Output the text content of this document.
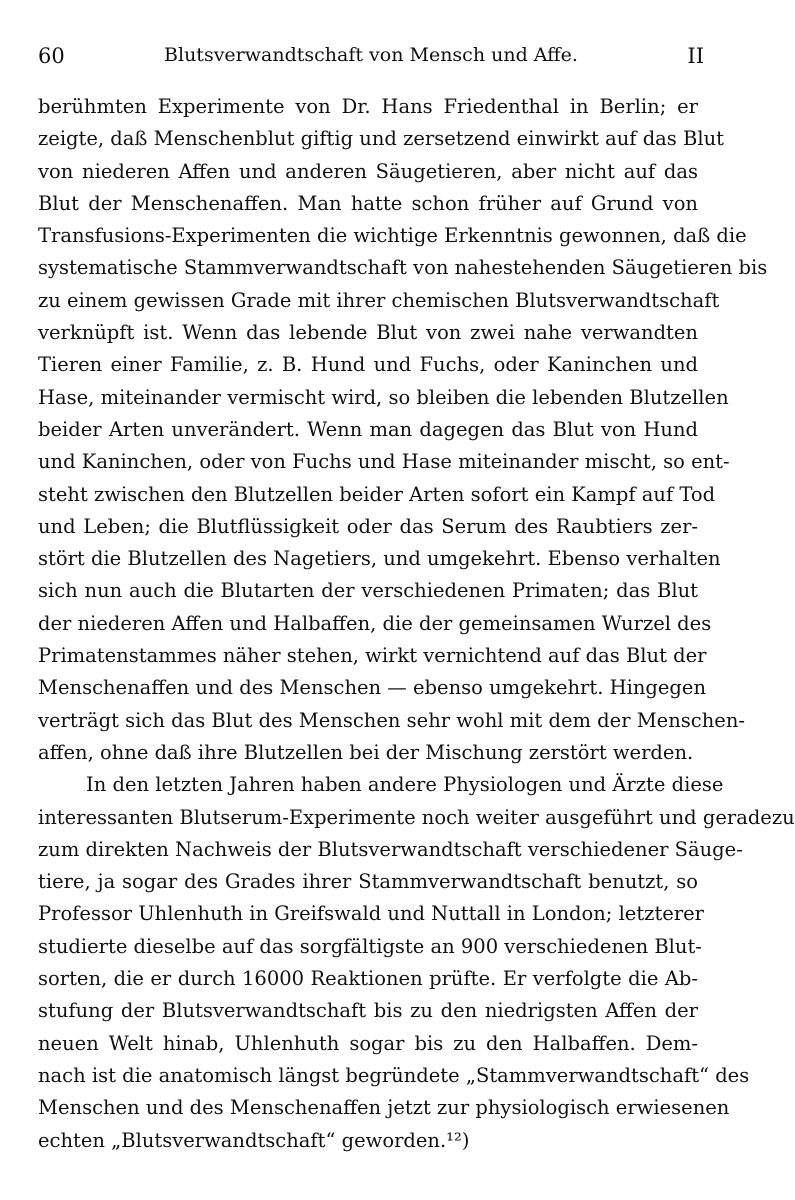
60	Blutsverwandtschaft von Mensch und Affe.	II
berühmten Experimente von Dr. Hans Friedenthal in Berlin; er
zeigte, daß Menschenblut giftig und zersetzend einwirkt auf das Blut
von niederen Affen und anderen Säugetieren, aber nicht auf das
Blut der Menschenaffen. Man hatte schon früher auf Grund von
Transfusions-Experimenten die wichtige Erkenntnis gewonnen, daß die
systematische Stammverwandtschaft von nahestehenden Säugetieren bis
zu einem gewissen Grade mit ihrer chemischen Blutsverwandtschaft
verknüpft ist. Wenn das lebende Blut von zwei nahe verwandten
Tieren einer Familie, z. B. Hund und Fuchs, oder Kaninchen und
Hase, miteinander vermischt wird, so bleiben die lebenden Blutzellen
beider Arten unverändert. Wenn man dagegen das Blut von Hund
und Kaninchen, oder von Fuchs und Hase miteinander mischt, so ent-
steht zwischen den Blutzellen beider Arten sofort ein Kampf auf Tod
und Leben; die Blutflüssigkeit oder das Serum des Raubtiers zer-
stört die Blutzellen des Nagetiers, und umgekehrt. Ebenso verhalten
sich nun auch die Blutarten der verschiedenen Primaten; das Blut
der niederen Affen und Halbaffen, die der gemeinsamen Wurzel des
Primatenstammes näher stehen, wirkt vernichtend auf das Blut der
Menschenaffen und des Menschen — ebenso umgekehrt. Hingegen
verträgt sich das Blut des Menschen sehr wohl mit dem der Menschen-
affen, ohne daß ihre Blutzellen bei der Mischung zerstört werden.
In den letzten Jahren haben andere Physiologen und Ärzte diese
interessanten Blutserum-Experimente noch weiter ausgeführt und geradezu
zum direkten Nachweis der Blutsverwandtschaft verschiedener Säuge-
tiere, ja sogar des Grades ihrer Stammverwandtschaft benutzt, so
Professor Uhlenhuth in Greifswald und Nuttall in London; letzterer
studierte dieselbe auf das sorgfältigste an 900 verschiedenen Blut-
sorten, die er durch 16000 Reaktionen prüfte. Er verfolgte die Ab-
stufung der Blutsverwandtschaft bis zu den niedrigsten Affen der
neuen Welt hinab, Uhlenhuth sogar bis zu den Halbaffen. Dem-
nach ist die anatomisch längst begründete „Stammverwandtschaft“ des
Menschen und des Menschenaffen jetzt zur physiologisch erwiesenen
echten „Blutsverwandtschaft“ geworden.¹²)
